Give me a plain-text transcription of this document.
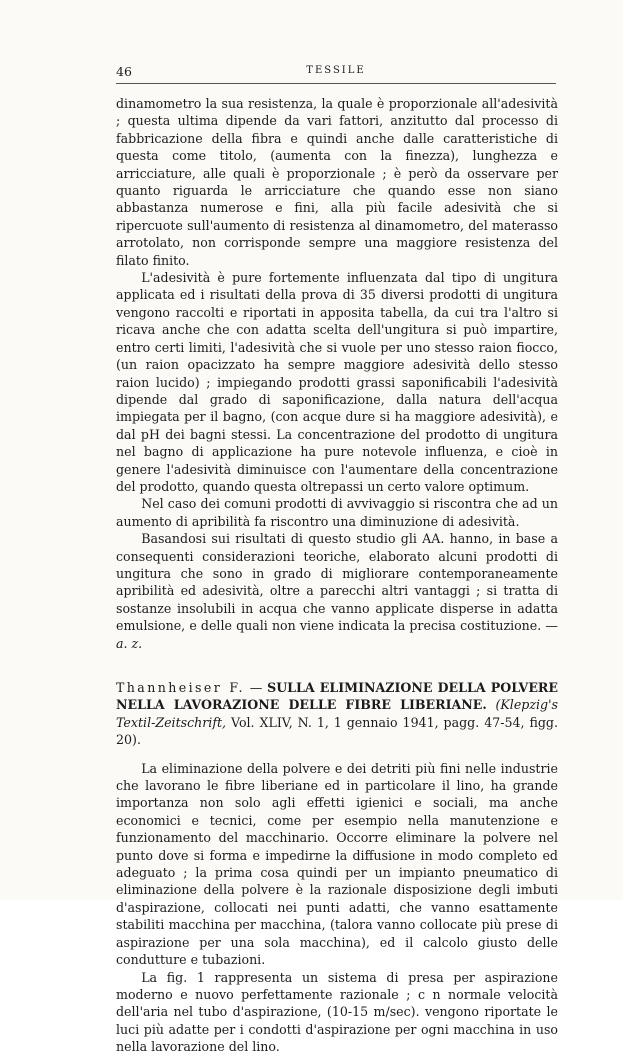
46	TESSILE

dinamometro la sua resistenza, la quale è proporzionale all'adesività ; questa ultima dipende da vari fattori, anzitutto dal processo di fabbricazione della fibra e quindi anche dalle caratteristiche di questa come titolo, (aumenta con la finezza), lunghezza e arricciature, alle quali è proporzionale ; è però da osservare per quanto riguarda le arricciature che quando esse non siano abbastanza numerose e fini, alla più facile adesività che si ripercuote sull'aumento di resistenza al dinamometro, del materasso arrotolato, non corrisponde sempre una maggiore resistenza del filato finito.

L'adesività è pure fortemente influenzata dal tipo di ungitura applicata ed i risultati della prova di 35 diversi prodotti di ungitura vengono raccolti e riportati in apposita tabella, da cui tra l'altro si ricava anche che con adatta scelta dell'ungitura si può impartire, entro certi limiti, l'adesività che si vuole per uno stesso raion fiocco, (un raion opacizzato ha sempre maggiore adesività dello stesso raion lucido) ; impiegando prodotti grassi saponificabili l'adesività dipende dal grado di saponificazione, dalla natura dell'acqua impiegata per il bagno, (con acque dure si ha maggiore adesività), e dal pH dei bagni stessi. La concentrazione del prodotto di ungitura nel bagno di applicazione ha pure notevole influenza, e cioè in genere l'adesività diminuisce con l'aumentare della concentrazione del prodotto, quando questa oltrepassi un certo valore optimum.

Nel caso dei comuni prodotti di avvivaggio si riscontra che ad un aumento di apribilità fa riscontro una diminuzione di adesività.

Basandosi sui risultati di questo studio gli AA. hanno, in base a consequenti considerazioni teoriche, elaborato alcuni prodotti di ungitura che sono in grado di migliorare contemporaneamente apribilità ed adesività, oltre a parecchi altri vantaggi ; si tratta di sostanze insolubili in acqua che vanno applicate disperse in adatta emulsione, e delle quali non viene indicata la precisa costituzione. — a. z.

Thannheiser F. — SULLA ELIMINAZIONE DELLA POLVERE NELLA LAVORAZIONE DELLE FIBRE LIBERIANE. (Klepzig's Textil-Zeitschrift, Vol. XLIV, N. 1, 1 gennaio 1941, pagg. 47-54, figg. 20).

La eliminazione della polvere e dei detriti più fini nelle industrie che lavorano le fibre liberiane ed in particolare il lino, ha grande importanza non solo agli effetti igienici e sociali, ma anche economici e tecnici, come per esempio nella manutenzione e funzionamento del macchinario. Occorre eliminare la polvere nel punto dove si forma e impedirne la diffusione in modo completo ed adeguato ; la prima cosa quindi per un impianto pneumatico di eliminazione della polvere è la razionale disposizione degli imbuti d'aspirazione, collocati nei punti adatti, che vanno esattamente stabiliti macchina per macchina, (talora vanno collocate più prese di aspirazione per una sola macchina), ed il calcolo giusto delle condutture e tubazioni.

La fig. 1 rappresenta un sistema di presa per aspirazione moderno e nuovo perfettamente razionale ; c n normale velocità dell'aria nel tubo d'aspirazione, (10-15 m/sec). vengono riportate le luci più adatte per i condotti d'aspirazione per ogni macchina in uso nella lavorazione del lino.
